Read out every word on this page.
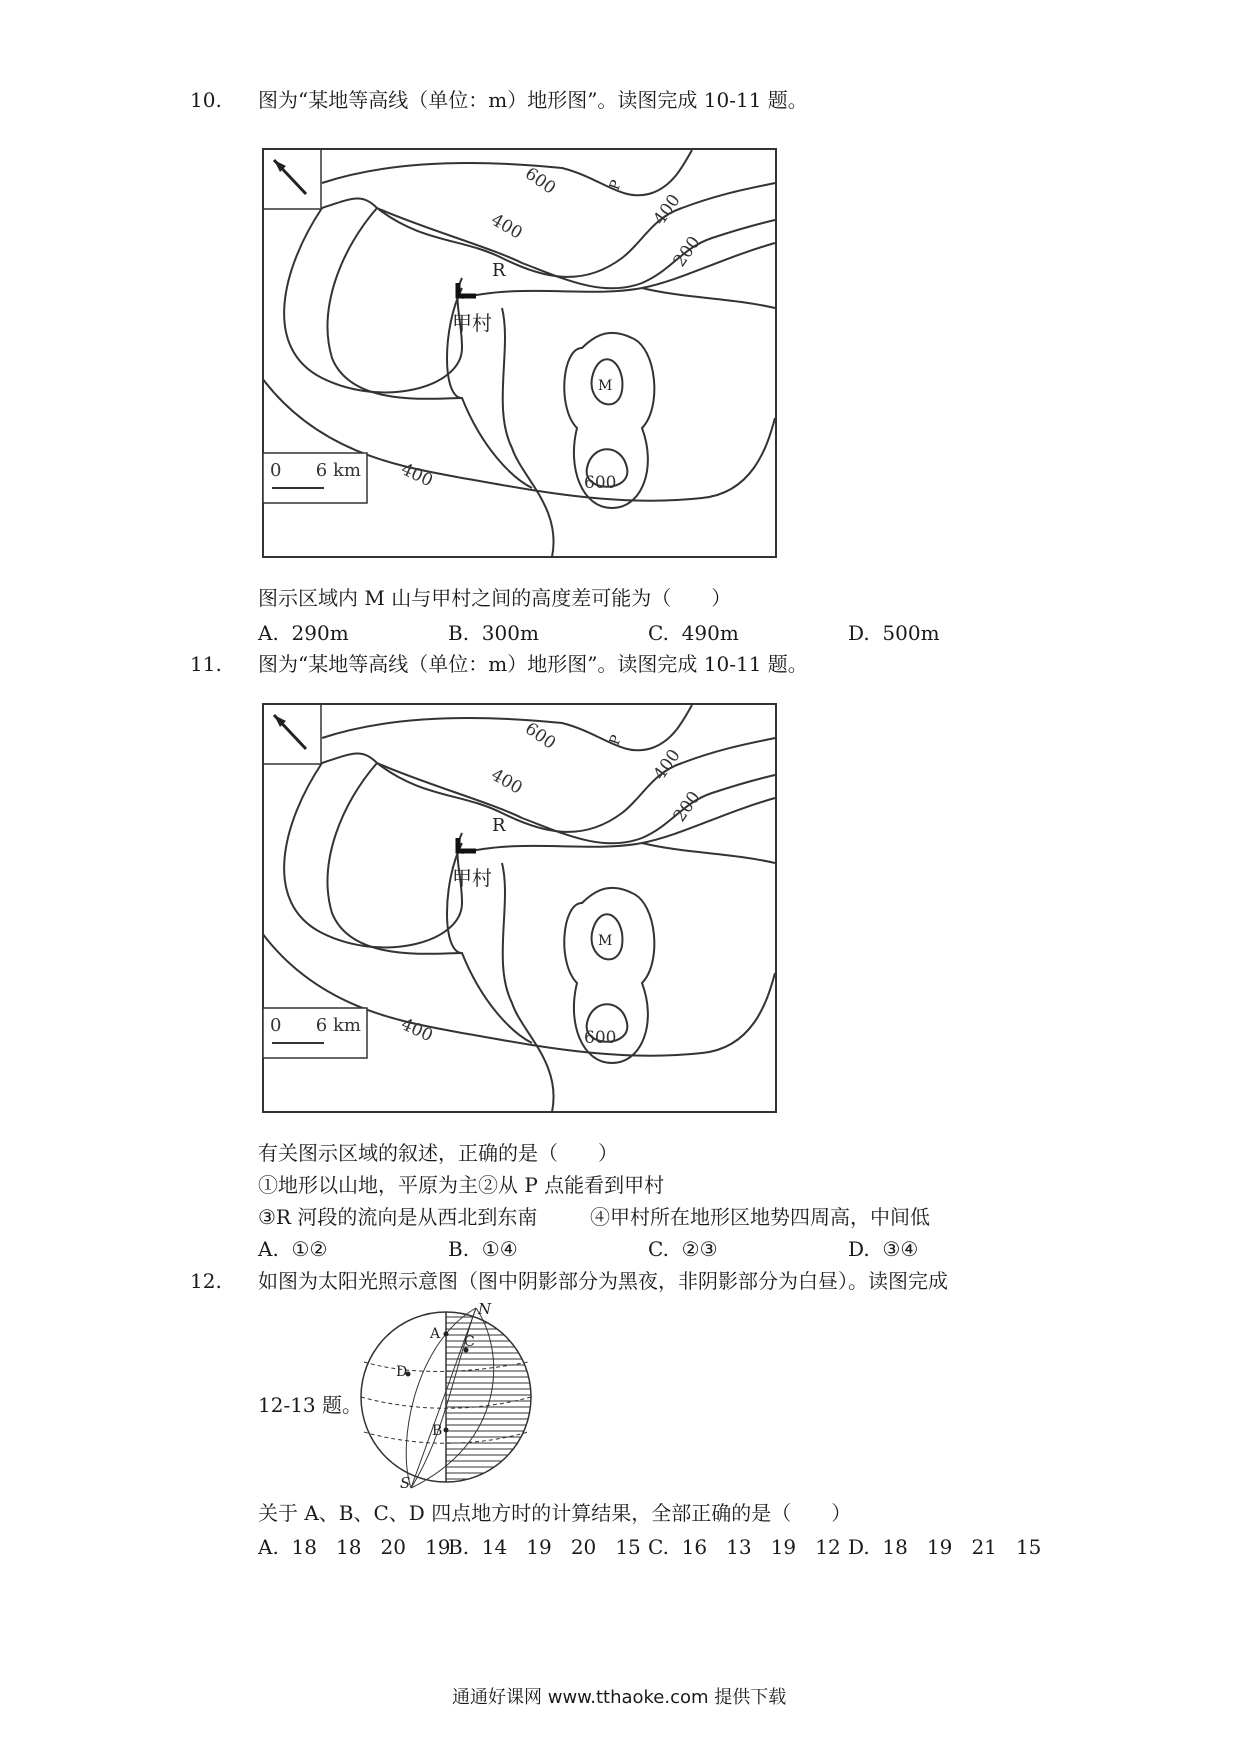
10. 图为“某地等高线（单位：m）地形图”。读图完成 10-11 题。
600
400	400
200
400	600
甲村
R
P
M
0      6 km
图示区域内 M 山与甲村之间的高度差可能为（　　）
A.  290m	B.  300m	C.  490m	D.  500m
11. 图为“某地等高线（单位：m）地形图”。读图完成 10-11 题。
600
400	400
200
400	600
甲村
R
P
M
0      6 km
有关图示区域的叙述，正确的是（　　）
①地形以山地，平原为主②从 P 点能看到甲村
③R 河段的流向是从西北到东南	④甲村所在地形区地势四周高，中间低
A.  ①②	B.  ①④	C.  ②③	D.  ③④
12. 如图为太阳光照示意图（图中阴影部分为黑夜，非阴影部分为白昼）。读图完成
N
S
A
B
C
D
12-13 题。
关于 A、B、C、D 四点地方时的计算结果，全部正确的是（　　）
A.  18   18   20   19
B.  14   19   20   15 C.  16   13   19   12 D.  18   19   21   15
通通好课网 www.tthaoke.com 提供下载
